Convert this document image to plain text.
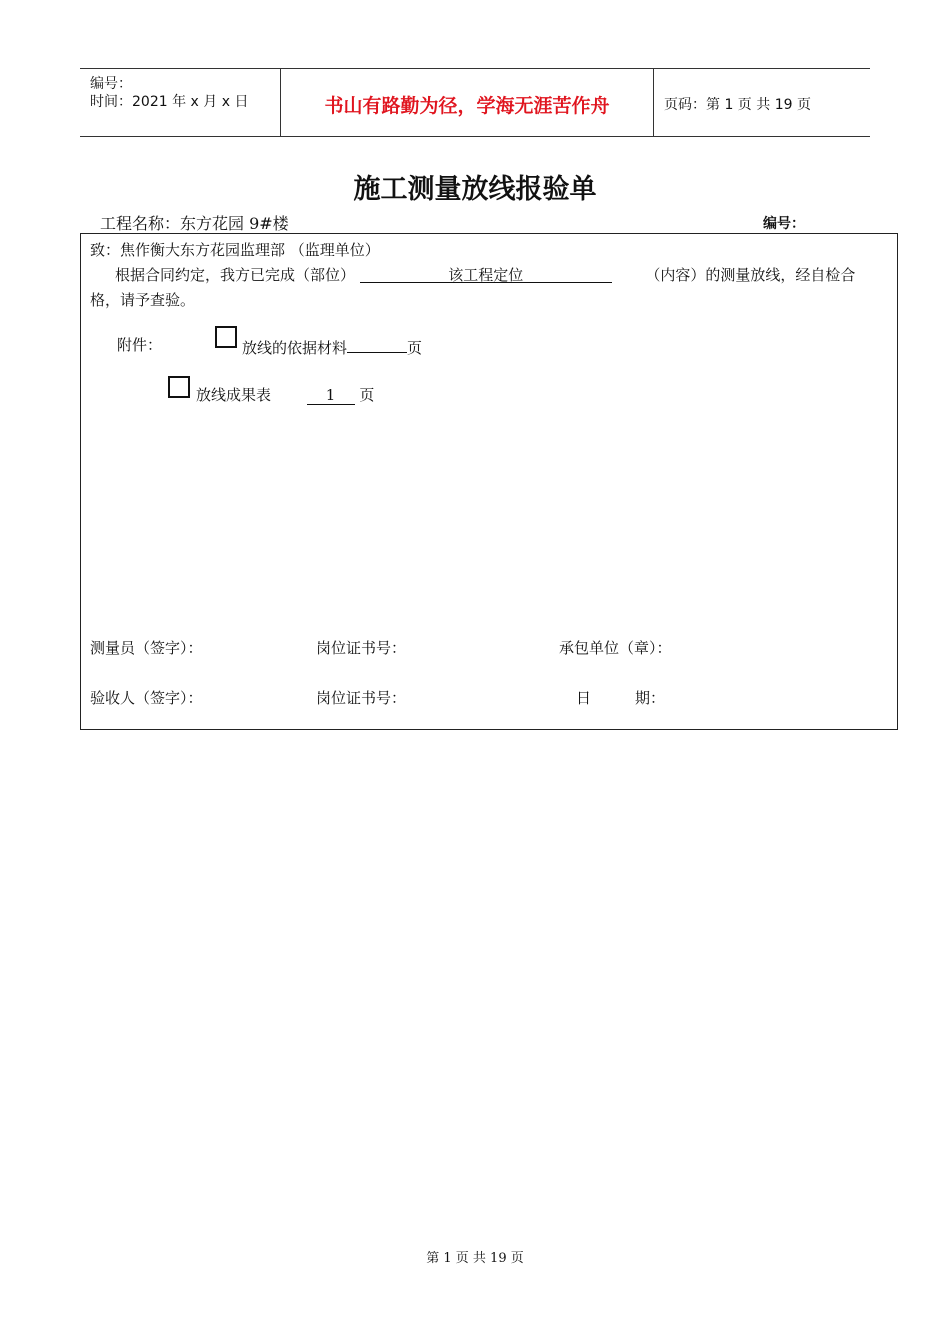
编号：
时间：2021 年 x 月 x 日	书山有路勤为径，学海无涯苦作舟	页码：第 1 页 共 19 页
施工测量放线报验单
工程名称：东方花园 9#楼	编号：
致：焦作衡大东方花园监理部 （监理单位）
根据合同约定，我方已完成（部位）	该工程定位	（内容）的测量放线，经自检合
格，请予查验。
附件：	放线的依据材料	页
放线成果表	1 页
测量员（签字）：	岗位证书号：	承包单位（章）：
验收人（签字）：	岗位证书号：	日	期：
第 1 页 共 19 页
